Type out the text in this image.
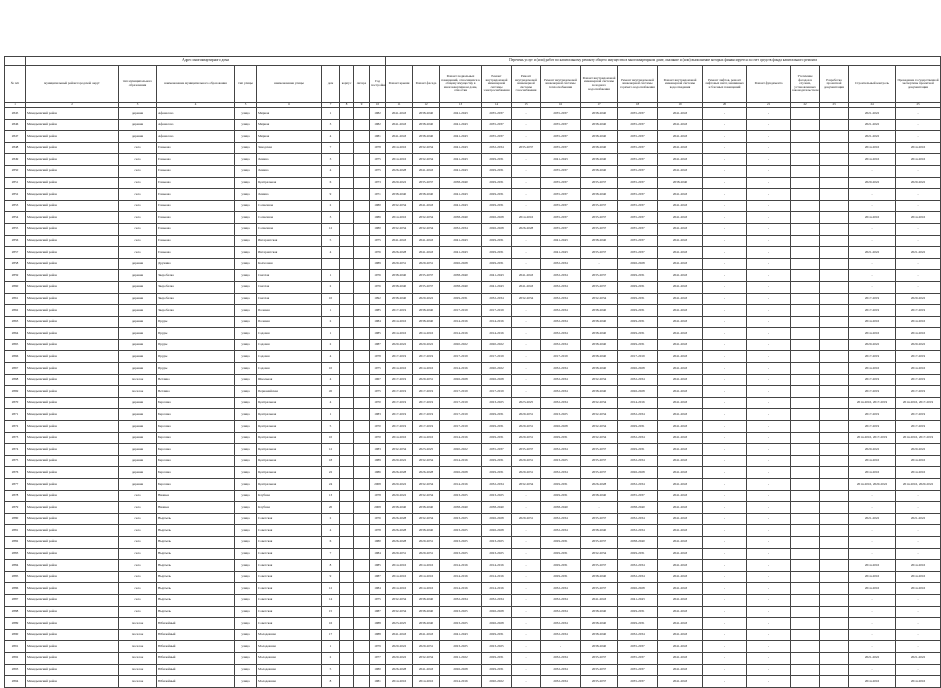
	Адрес многоквартирного дома									Перечень услуг и (или) работ по капитальному ремонту общего имущества в многоквартирном доме, оказание и (или) выполнение которых финансируется за счет средств фонда капитального ремонта														
№ п/п	муниципальный район/городской округ	тип муниципального образования	наименование муниципального образования	тип улицы	наименование улицы	дом	корпус	литера	Год постройки	Ремонт крыши	Ремонт фасада	Ремонт подвальных помещений, относящихся к общему имуществу в многоквартирном доме, отмостки	Ремонт внутридомовой инженерной системы электроснабжения	Ремонт внутридомовой инженерной системы газоснабжения	Ремонт внутридомовой инженерной системы теплоснабжения	Ремонт внутридомовой инженерной системы холодного водоснабжения	Ремонт внутридомовой инженерной системы горячего водоснабжения	Ремонт внутридомовой инженерной системы водоотведения	Ремонт лифтов, ремонт лифтовых шахт, машинных и блочных помещений	Ремонт фундамента	Утепление фасадов в случаях, установленных законодательством	Разработка проектной документации	Строительный контроль	Проведение государственной экспертизы проектной документации
1	2	3	4	5	6	7	8	9	10	11	12	13	14	15	16	17	18	19	20	21	22	23	24	25
2845	Мамадышский район	деревня	Афанасово	улица	Мирная	1			1982	2041-2043	2038-2040	2041-2043	2035-2037	-	2035-2037	2038-2040	2035-2037	2041-2043	-	-			2021-2022	-
2846	Мамадышский район	деревня	Афанасово	улица	Мирная	3			1982	2041-2043	2038-2040	2041-2043	2035-2037	-	2035-2037	2038-2040	2035-2037	2041-2043	-	-			2021-2022	-
2847	Мамадышский район	деревня	Афанасово	улица	Мирная	4			1981	2041-2043	2038-2040	2041-2043	2035-2037	-	2035-2037	2038-2040	2035-2037	2041-2043	-	-			2021-2022	-
2848	Мамадышский район	село	Гоньково	улица	Заводская	7			1978	2014-2016	2032-2034	2041-2043	2032-2034	2035-2037	2035-2037	2038-2040	2035-2037	2041-2043	-	-			2014-2016	2014-2016
2849	Мамадышский район	село	Гоньково	улица	Ленина	3			1975	2014-2016	2032-2034	2041-2043	2029-2031	-	2041-2043	2038-2040	2035-2037	2041-2043	-	-			2014-2016	2014-2016
2850	Мамадышский район	село	Гоньково	улица	Ленина	4			1975	2026-2028	2041-2043	2041-2043	2029-2031	-	2035-2037	2038-2040	2035-2037	2041-2043	-	-			-	-
2851	Мамадышский район	село	Гоньково	улица	Центральная	6			1973	2020-2022	2035-2037	2038-2040	2029-2031	-	2035-2037	2035-2037	2035-2037	2038-2040	-	-			2020-2022	2020-2022
2852	Мамадышский район	село	Гоньково	улица	Ленина	9			1971	2038-2040	2038-2040	2041-2043	2029-2031	-	2035-2037	2038-2040	2035-2037	2041-2043	-	-			-	-
2853	Мамадышский район	село	Гоньково	улица	Солнечная	2			1980	2032-2034	2041-2043	2041-2043	2029-2031	-	2035-2037	2035-2037	2035-2037	2041-2043	-	-			-	-
2854	Мамадышский район	село	Гоньково	улица	Солнечная	3			1986	2014-2016	2032-2034	2038-2040	2026-2028	2014-2016	2035-2037	2035-2037	2035-2037	2041-2043	-	-			2014-2016	2014-2016
2855	Мамадышский район	село	Гоньково	улица	Солнечная	12			1980	2032-2034	2032-2034	2032-2034	2026-2028	2026-2028	2035-2037	2035-2037	2035-2037	2041-2043	-	-			-	-
2856	Мамадышский район	село	Гоньково	улица	Интернатская	5			1975	2041-2043	2041-2043	2041-2043	2029-2031	-	2041-2043	2038-2040	2035-2037	2041-2043	-	-			-	-
2857	Мамадышский район	село	Гоньково	улица	Интернатская	4			1976	2026-2028	2041-2043	2041-2043	2029-2031	-	2041-2043	2035-2037	2035-2037	2041-2043	-	-			2021-2022	2021-2022
2858	Мамадышский район	деревня	Дружино	улица	Колхозная				1989	2029-2031	2029-2031	2026-2028	2029-2031	-	2032-2034	-	2026-2028	2041-2043	-	-			-	-
2859	Мамадышский район	деревня	Зверобалка	улица	Светлая	1			1976	2038-2040	2035-2037	2038-2040	2041-2043	2041-2043	2032-2034	2035-2037	2029-2031	2041-2043	-	-			-	-
2860	Мамадышский район	деревня	Зверобалка	улица	Светлая	2			1976	2038-2040	2035-2037	2038-2040	2041-2043	2041-2043	2032-2034	2035-2037	2029-2031	2041-2043	-	-			-	-
2861	Мамадышский район	деревня	Зверобалка	улица	Светлая	10			1992	2038-2040	2020-2022	2029-2031	2032-2034	2032-2034	2032-2034	2032-2034	2029-2031	2041-2043	-	-			2017-2019	2020-2022
2862	Мамадышский район	деревня	Зверобалка	улица	Полевая	1			1985	2017-2019	2038-2040	2017-2019	2017-2019	-	2032-2034	2038-2040	2029-2031	2041-2043	-	-			2017-2019	2017-2019
2863	Мамадышский район	деревня	Пруды	улица	Полевая	2			1984	2014-2016	2038-2040	2014-2016	2014-2016	-	2032-2034	2038-2040	2029-2031	2041-2043	-	-			2014-2016	2014-2016
2864	Мамадышский район	деревня	Пруды	улица	Садовая	1			1985	2014-2016	2014-2016	2014-2016	2014-2016	-	2032-2034	2038-2040	2029-2031	2041-2043	-	-			2014-2016	2014-2016
2865	Мамадышский район	деревня	Пруды	улица	Садовая	2			1987	2020-2022	2020-2022	2020-2022	2020-2022	-	2032-2034	2038-2040	2029-2031	2041-2043	-	-			2020-2022	2020-2022
2866	Мамадышский район	деревня	Пруды	улица	Садовая	4			1978	2017-2019	2017-2019	2017-2019	2017-2019	-	2017-2019	2038-2040	2017-2019	2041-2043	-	-			2017-2019	2017-2019
2867	Мамадышский район	деревня	Пруды	улица	Садовая	10			1975	2014-2016	2014-2016	2014-2016	2020-2022	-	2032-2034	2038-2040	2026-2028	2041-2043	-	-			2014-2016	2014-2016
2868	Мамадышский район	поселок	Ветлино	улица	Школьная	4			1967	2017-2019	2029-2031	2026-2028	2026-2028	-	2032-2034	2032-2034	2032-2034	2041-2043	-	-			2017-2019	2017-2019
2869	Мамадышский район	поселок	Ветлино	улица	Первомайская	45			1975	2017-2019	2017-2019	2017-2019	2017-2019	-	2032-2034	2038-2040	2026-2028	2041-2043	-	-			2017-2019	2017-2019
2870	Мамадышский район	деревня	Берсовка	улица	Центральная	4			1970	2017-2019	2017-2019	2017-2019	2023-2025	2023-2025	2032-2034	2032-2034	2014-2016	2041-2043	-	-			2014-2016, 2017-2019	2014-2016, 2017-2019
2871	Мамадышский район	деревня	Берсовка	улица	Центральная	1			1983	2017-2019	2017-2019	2017-2019	2029-2031	2029-2031	2023-2025	2032-2034	2032-2034	2041-2043	-	-			2017-2019	2017-2019
2872	Мамадышский район	деревня	Берсовка	улица	Центральная	5			1970	2017-2019	2017-2019	2017-2019	2029-2031	2029-2031	2026-2028	2032-2034	2029-2031	2041-2043	-	-			2017-2019	2017-2019
2873	Мамадышский район	деревня	Берсовка	улица	Центральная	10			1970	2014-2016	2014-2016	2014-2016	2029-2031	2029-2031	2029-2031	2032-2034	2032-2034	2041-2043	-	-			2014-2016, 2017-2019	2014-2016, 2017-2019
2874	Мамадышский район	деревня	Берсовка	улица	Центральная	12			1983	2032-2034	2023-2025	2020-2022	2035-2037	2035-2037	2032-2034	2035-2037	2029-2031	2041-2043	-	-			2020-2022	2020-2022
2875	Мамадышский район	деревня	Берсовка	улица	Центральная	18			1989	2020-2022	2032-2034	2014-2016	2029-2031	2029-2031	2023-2025	2035-2037	2032-2034	2041-2043	-	-			2014-2016	2014-2016
2876	Мамадышский район	деревня	Берсовка	улица	Центральная	22			1986	2026-2028	2026-2028	2026-2028	2029-2031	2029-2031	2032-2034	2035-2037	2026-2028	2041-2043	-	-			2014-2016	2014-2016
2877	Мамадышский район	деревня	Берсовка	улица	Центральная	24			2008	2020-2022	2032-2034	2014-2016	2032-2034	2032-2034	2029-2031	2026-2028	2032-2034	2041-2043	-	-			2014-2016, 2020-2022	2014-2016, 2020-2022
2878	Мамадышский район	село	Нижнее	улица	Клубная	13			1978	2020-2022	2032-2034	2023-2025	2023-2025	-	2029-2031	2038-2040	2035-2037	2041-2043	-	-			-	-
2879	Мамадышский район	село	Нижнее	улица	Клубная	20			2008	2038-2040	2038-2040	2038-2040	2038-2040	-	2038-2040	-	2038-2040	2041-2043	-	-			-	-
2880	Мамадышский район	село	Ныртыль	улица	Советская	2			1976	2026-2028	2032-2034	2023-2025	2026-2028	2029-2031	2032-2034	2035-2037	2032-2034	2041-2043	-	-			2021-2022	2021-2022
2881	Мамадышский район	село	Ныртыль	улица	Советская	4			1978	2026-2028	2038-2040	2023-2025	2026-2028	-	2032-2034	2038-2040	2032-2034	2041-2043	-	-			-	-
2882	Мамадышский район	село	Ныртыль	улица	Советская	6			1980	2026-2028	2029-2031	2023-2025	2023-2025	-	2029-2031	2035-2037	2038-2040	2041-2043	-	-			-	-
2883	Мамадышский район	село	Ныртыль	улица	Советская	7			1984	2029-2031	2029-2031	2023-2025	2023-2025	-	2029-2031	2032-2034	2029-2031	2041-2043	-	-			-	-
2884	Мамадышский район	село	Ныртыль	улица	Советская	8			1985	2014-2016	2014-2016	2014-2016	2014-2016	-	2029-2031	2035-2037	2032-2034	2041-2043	-	-			2014-2016	2014-2016
2885	Мамадышский район	село	Ныртыль	улица	Советская	9			1987	2014-2016	2014-2016	2014-2016	2014-2016	-	2029-2031	2038-2040	2032-2034	2041-2043	-	-			2014-2016	2014-2016
2886	Мамадышский район	село	Ныртыль	улица	Советская	12			1984	2014-2016	2014-2016	2014-2016	2014-2016	-	2032-2034	2035-2037	2026-2028	2041-2043	-	-			2014-2016	2014-2016
2887	Мамадышский район	село	Ныртыль	улица	Советская	14			1975	2032-2034	2038-2040	2032-2034	2032-2034	-	2032-2034	2041-2043	2041-2043	2041-2043	-	-			-	-
2888	Мамадышский район	село	Ныртыль	улица	Советская	15			1987	2032-2034	2038-2040	2023-2025	2026-2028	-	2032-2034	2038-2040	2029-2031	2041-2043	-	-			-	-
2889	Мамадышский район	поселок	Юбилейный	улица	Советская	16			1988	2023-2025	2038-2040	2023-2025	2026-2028	-	2032-2034	2038-2040	2029-2031	2041-2043	-	-			-	-
2890	Мамадышский район	поселок	Юбилейный	улица	Молодежная	17			1988	2041-2043	2041-2043	2041-2043	2029-2031	-	2032-2034	2038-2040	2032-2034	2041-2043	-	-			-	-
2891	Мамадышский район	поселок	Юбилейный	улица	Молодежная	1			1979	2020-2022	2029-2031	2023-2025	2023-2025	-	-	2038-2040	2035-2037	2041-2043	-	-			-	-
2892	Мамадышский район	поселок	Юбилейный	улица	Молодежная	2			1977	2020-2022	2032-2034	2021-2022	2029-2031	-	2032-2034	2035-2037	2035-2037	2041-2043	-	-			2021-2022	2021-2022
2893	Мамадышский район	поселок	Юбилейный	улица	Молодежная	5			1980	2026-2028	2041-2043	2026-2028	2029-2031	-	2032-2034	2035-2037	2035-2037	2041-2043	-	-			-	-
2894	Мамадышский район	поселок	Юбилейный	улица	Молодежная	8			1981	2014-2016	2014-2016	2014-2016	2020-2022	-	2032-2034	2035-2037	2035-2037	2041-2043	-	-			2014-2016	2014-2016
